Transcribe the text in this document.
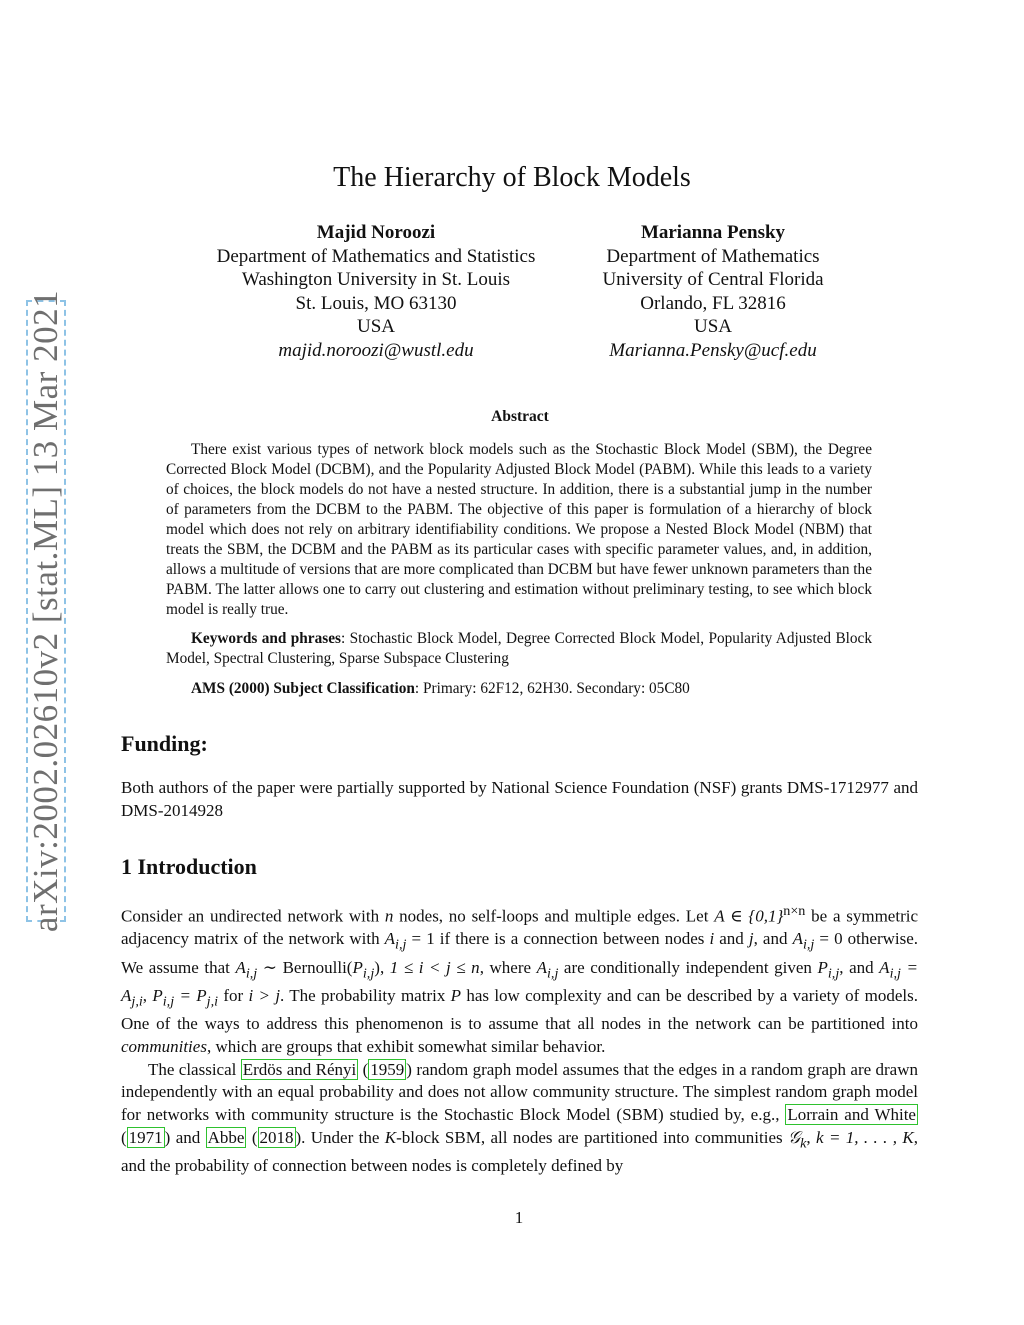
arXiv:2002.02610v2 [stat.ML] 13 Mar 2021
The Hierarchy of Block Models
Majid Noroozi
Department of Mathematics and Statistics
Washington University in St. Louis
St. Louis, MO 63130
USA
majid.noroozi@wustl.edu
Marianna Pensky
Department of Mathematics
University of Central Florida
Orlando, FL 32816
USA
Marianna.Pensky@ucf.edu
Abstract

There exist various types of network block models such as the Stochastic Block Model (SBM), the Degree Corrected Block Model (DCBM), and the Popularity Adjusted Block Model (PABM). While this leads to a variety of choices, the block models do not have a nested structure. In addition, there is a substantial jump in the number of parameters from the DCBM to the PABM. The objective of this paper is formulation of a hierarchy of block model which does not rely on arbitrary identifiability conditions. We propose a Nested Block Model (NBM) that treats the SBM, the DCBM and the PABM as its particular cases with specific parameter values, and, in addition, allows a multitude of versions that are more complicated than DCBM but have fewer unknown parameters than the PABM. The latter allows one to carry out clustering and estimation without preliminary testing, to see which block model is really true.

Keywords and phrases: Stochastic Block Model, Degree Corrected Block Model, Popularity Adjusted Block Model, Spectral Clustering, Sparse Subspace Clustering

AMS (2000) Subject Classification: Primary: 62F12, 62H30. Secondary: 05C80

Funding:

Both authors of the paper were partially supported by National Science Foundation (NSF) grants DMS-1712977 and DMS-2014928

1 Introduction

Consider an undirected network with n nodes, no self-loops and multiple edges. Let A ∈ $\{0,1\}^{n\times n}$ be a symmetric adjacency matrix of the network with $A_{i,j} = 1$ if there is a connection between nodes i and j, and $A_{i,j} = 0$ otherwise. We assume that $A_{i,j}$ ∼ $Bernoulli(P_{i,j})$, 1 ≤ i < j ≤ n, where $A_{i,j}$ are conditionally independent given $P_{i,j}$, and $A_{i,j} = A_{j,i}$, $P_{i,j} = P_{j,i}$ for i > j. The probability matrix P has low complexity and can be described by a variety of models. One of the ways to address this phenomenon is to assume that all nodes in the network can be partitioned into communities, which are groups that exhibit somewhat similar behavior.

The classical Erdös and Rényi ( 1959 ) random graph model assumes that the edges in a random graph are drawn independently with an equal probability and does not allow community structure. The simplest random graph model for networks with community structure is the Stochastic Block Model (SBM) studied by, e.g., Lorrain and White ( 1971 ) and Abbe ( 2018 ). Under the K-block SBM, all nodes are partitioned into communities 𝒢$_k$, k = 1, . . . , K, and the probability of connection between nodes is completely defined by

1
